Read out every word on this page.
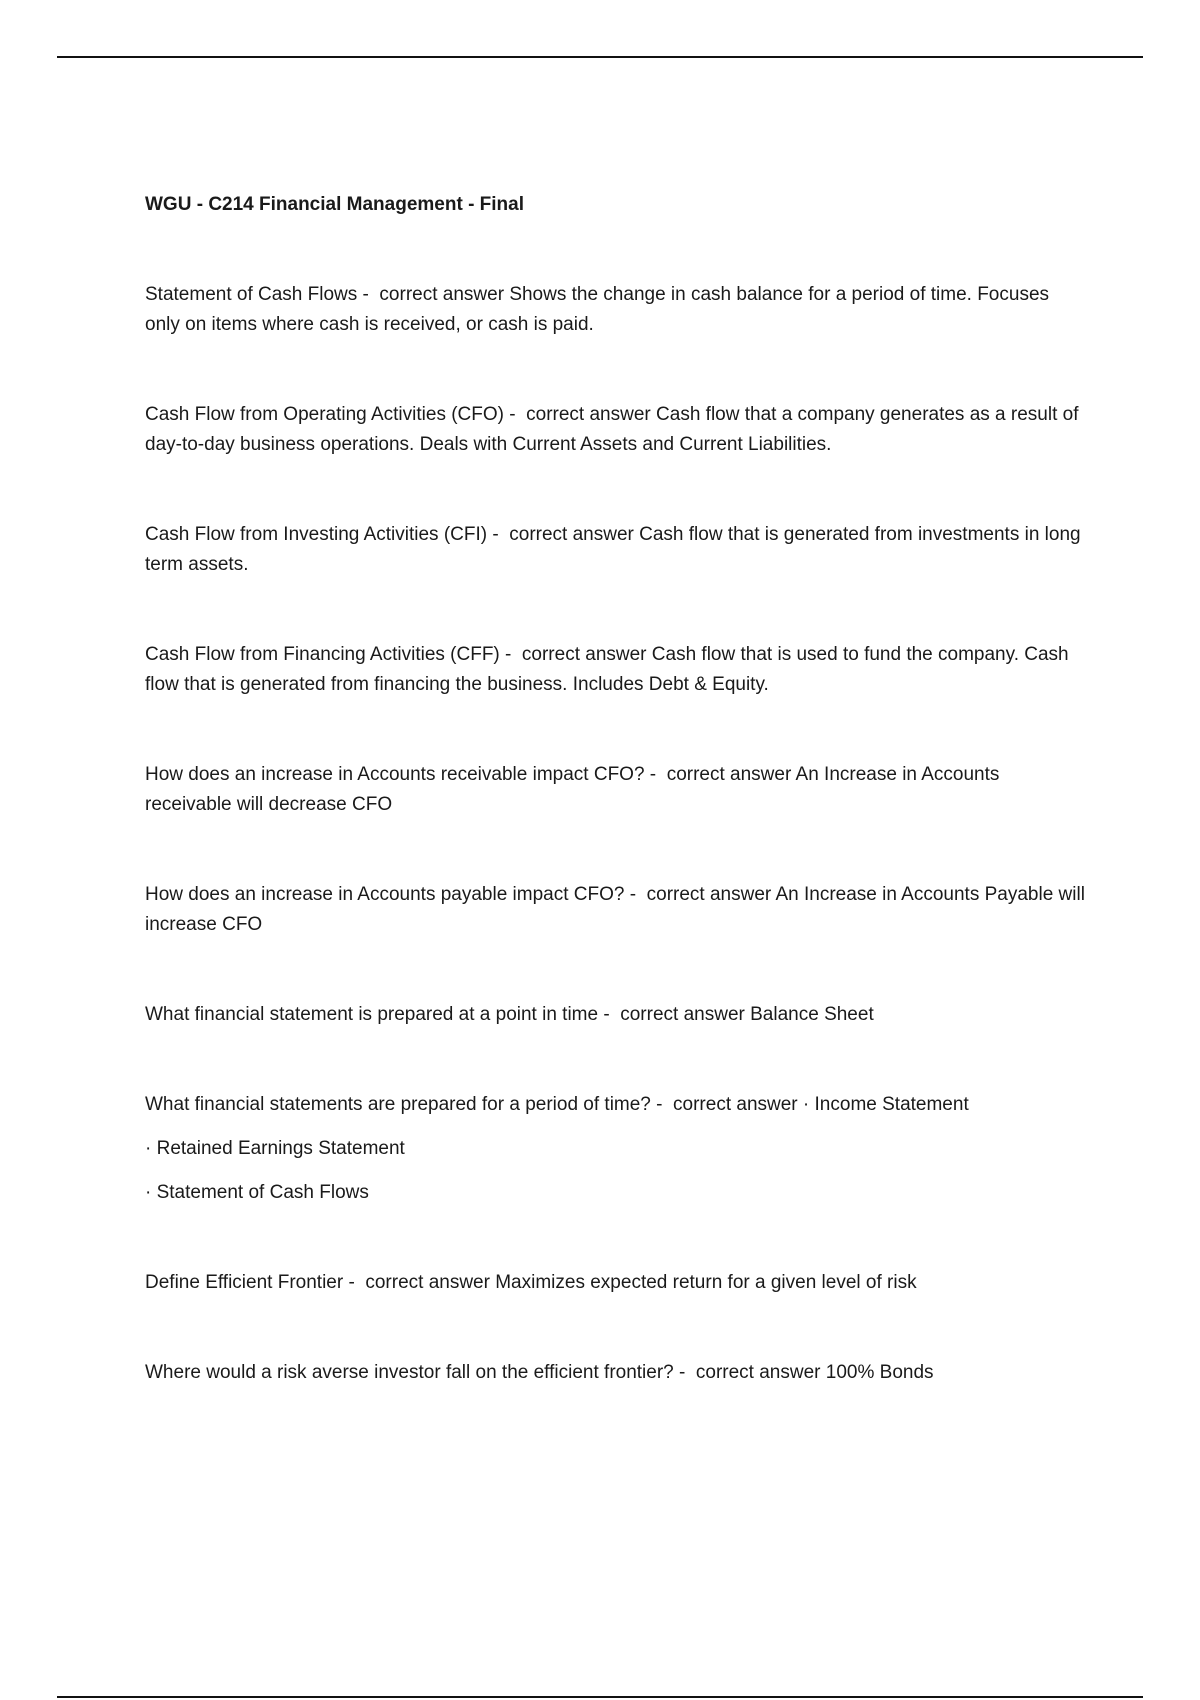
WGU - C214 Financial Management - Final

Statement of Cash Flows -  correct answer Shows the change in cash balance for a period of time. Focuses only on items where cash is received, or cash is paid.

Cash Flow from Operating Activities (CFO) -  correct answer Cash flow that a company generates as a result of day-to-day business operations. Deals with Current Assets and Current Liabilities.

Cash Flow from Investing Activities (CFI) -  correct answer Cash flow that is generated from investments in long term assets.

Cash Flow from Financing Activities (CFF) -  correct answer Cash flow that is used to fund the company. Cash flow that is generated from financing the business. Includes Debt & Equity.

How does an increase in Accounts receivable impact CFO? -  correct answer An Increase in Accounts receivable will decrease CFO

How does an increase in Accounts payable impact CFO? -  correct answer An Increase in Accounts Payable will increase CFO

What financial statement is prepared at a point in time -  correct answer Balance Sheet

What financial statements are prepared for a period of time? -  correct answer · Income Statement

· Retained Earnings Statement

· Statement of Cash Flows

Define Efficient Frontier -  correct answer Maximizes expected return for a given level of risk

Where would a risk averse investor fall on the efficient frontier? -  correct answer 100% Bonds
